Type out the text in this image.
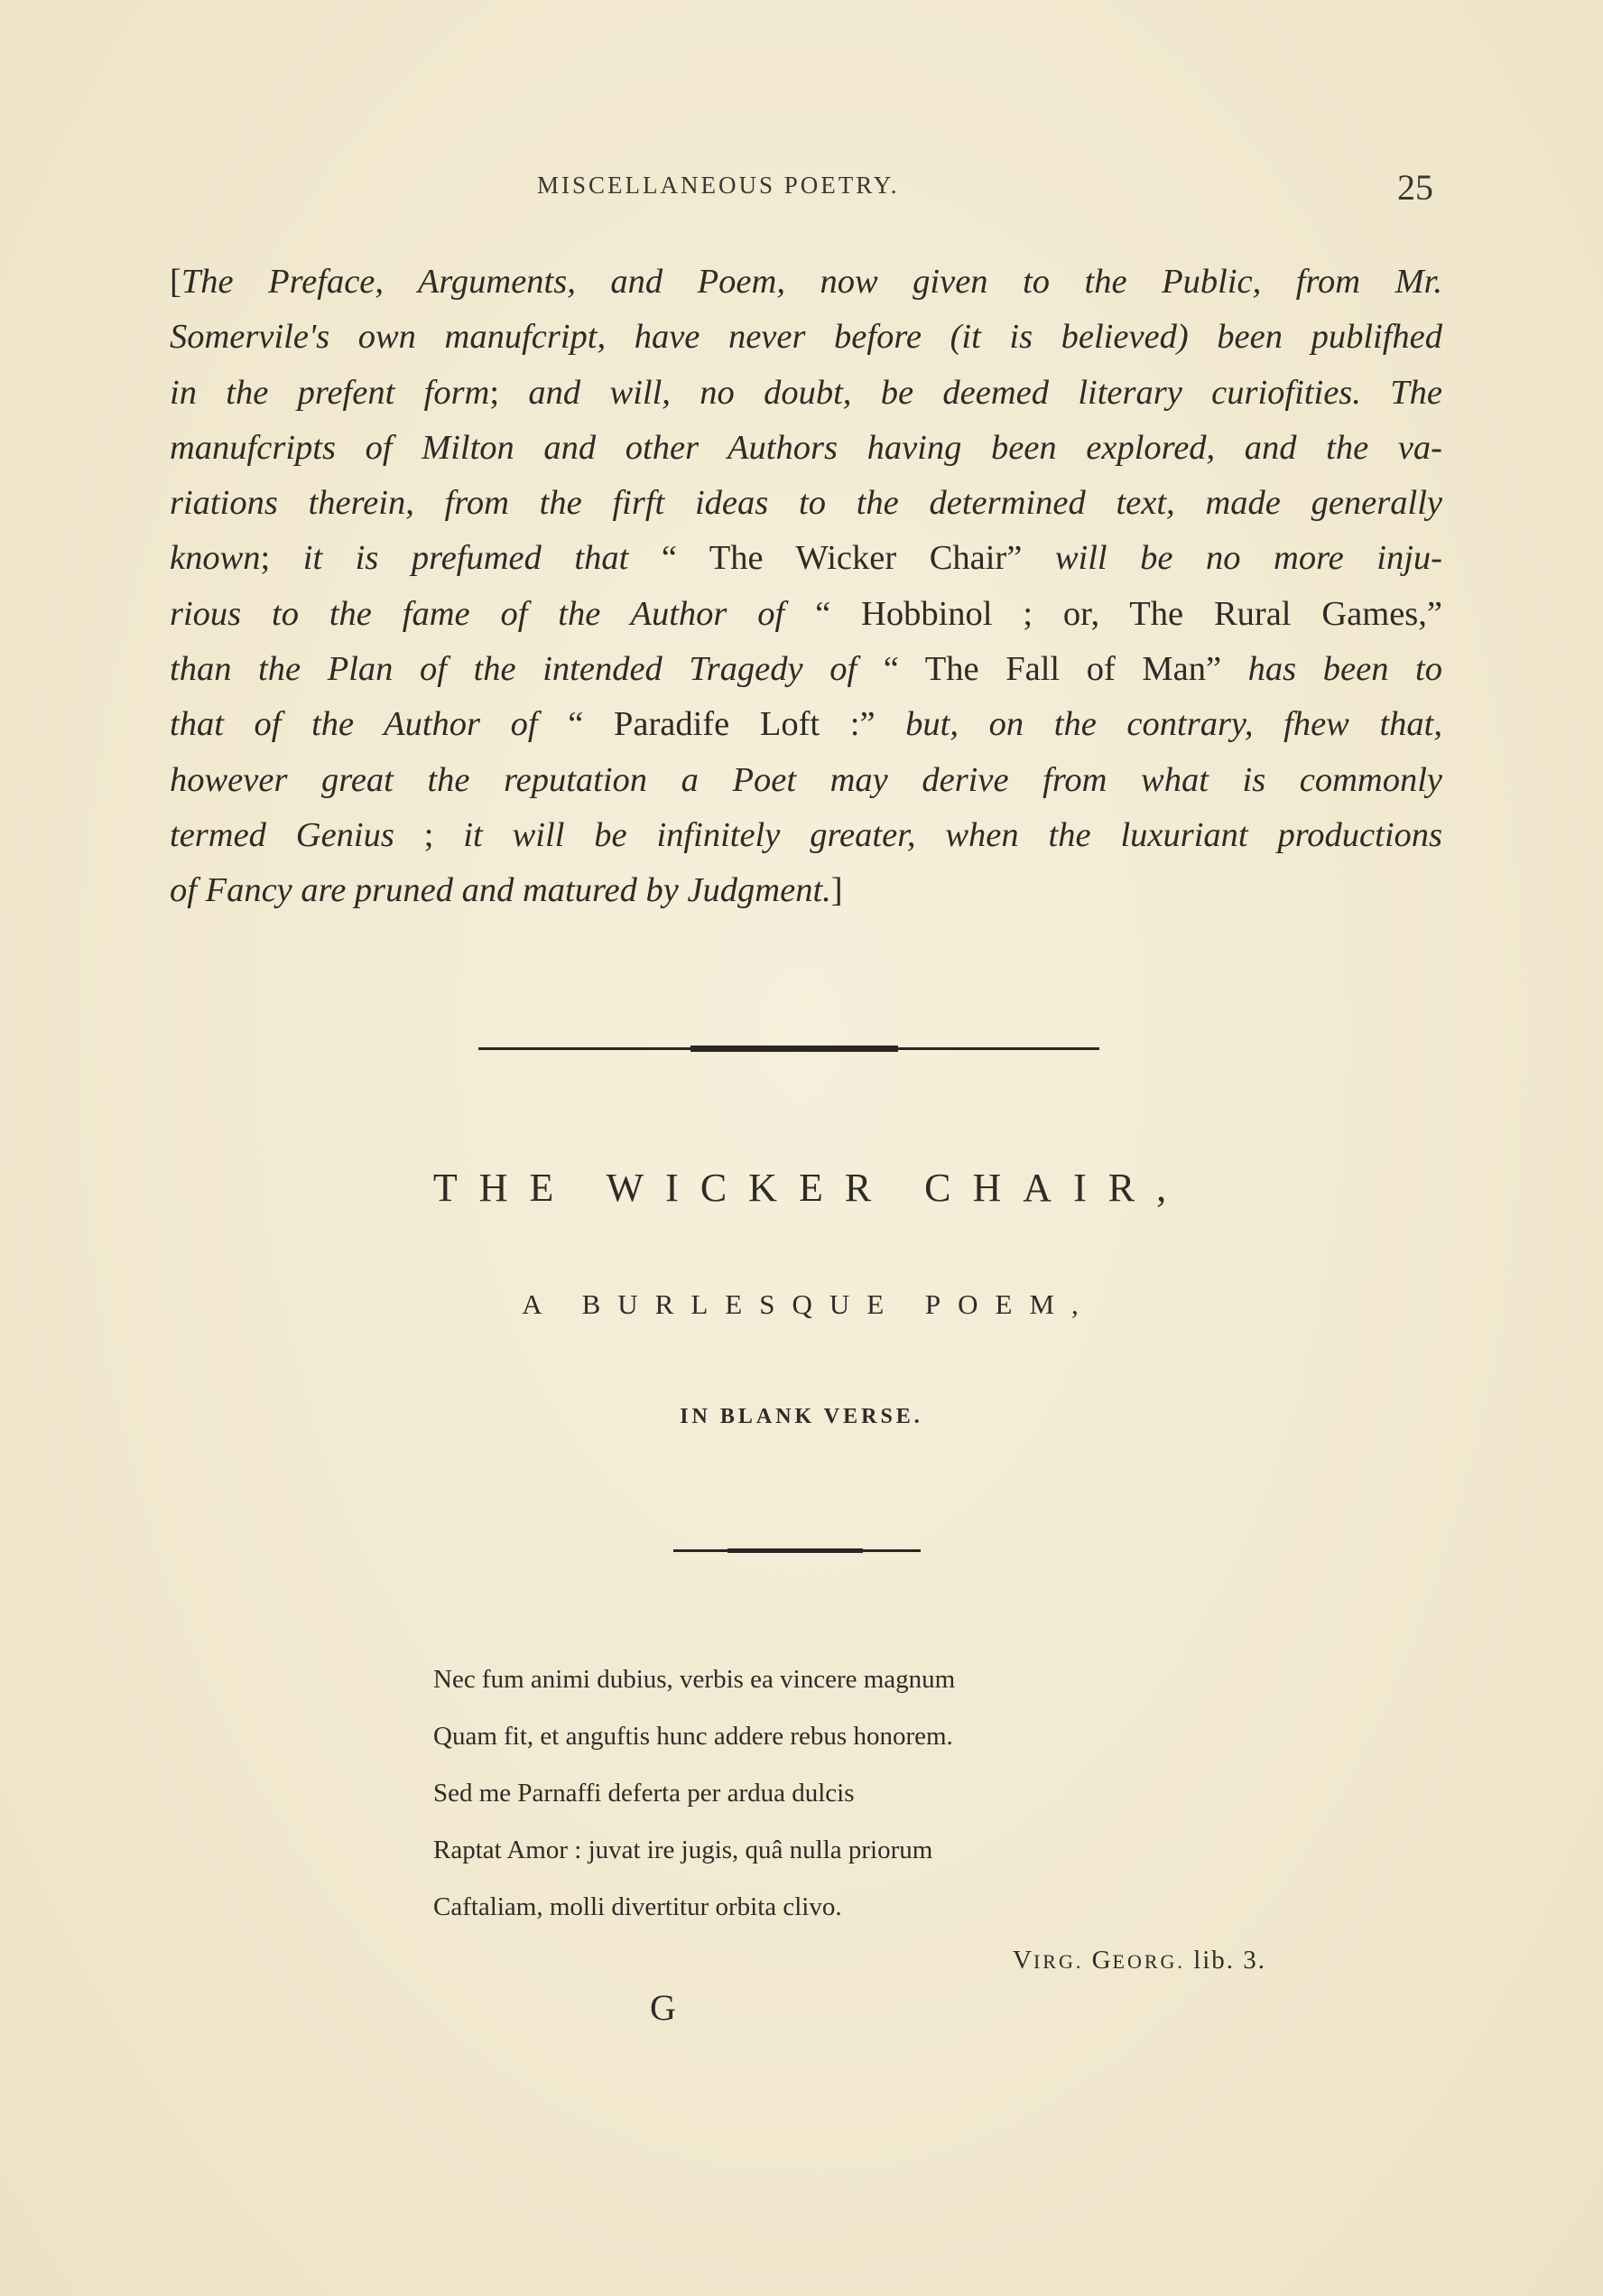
MISCELLANEOUS POETRY.	25
[The Preface, Arguments, and Poem, now given to the Public, from Mr.
Somervile's own manufcript, have never before (it is believed) been publifhed
in the prefent form; and will, no doubt, be deemed literary curiofities. The
manufcripts of Milton and other Authors having been explored, and the va-
riations therein, from the firft ideas to the determined text, made generally
known; it is prefumed that “ The Wicker Chair” will be no more inju-
rious to the fame of the Author of “ Hobbinol ; or, The Rural Games,”
than the Plan of the intended Tragedy of “ The Fall of Man” has been to
that of the Author of “ Paradife Loft :” but, on the contrary, fhew that,
however great the reputation a Poet may derive from what is commonly
termed Genius ; it will be infinitely greater, when the luxuriant productions
of Fancy are pruned and matured by Judgment.]
THE WICKER CHAIR,
A BURLESQUE POEM,
IN BLANK VERSE.
Nec fum animi dubius, verbis ea vincere magnum
Quam fit, et anguftis hunc addere rebus honorem.
Sed me Parnaffi deferta per ardua dulcis
Raptat Amor : juvat ire jugis, quâ nulla priorum
Caftaliam, molli divertitur orbita clivo.
VIRG. GEORG. lib. 3.
G
